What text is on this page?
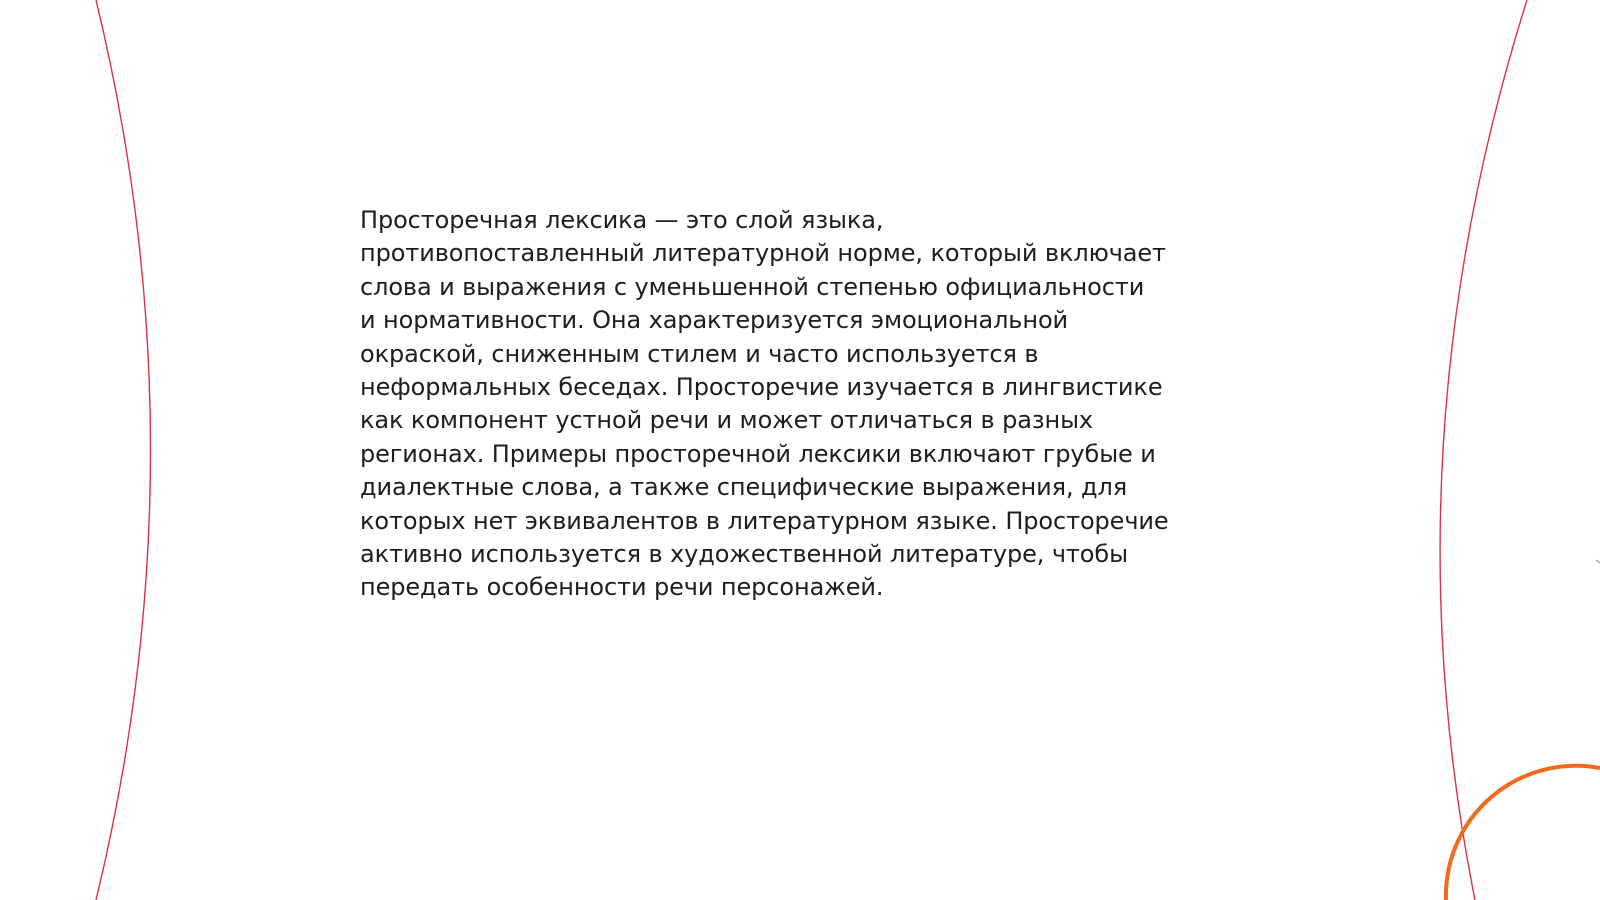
Просторечная лексика — это слой языка,
противопоставленный литературной норме, который включает
слова и выражения с уменьшенной степенью официальности
и нормативности. Она характеризуется эмоциональной
окраской, сниженным стилем и часто используется в
неформальных беседах. Просторечие изучается в лингвистике
как компонент устной речи и может отличаться в разных
регионах. Примеры просторечной лексики включают грубые и
диалектные слова, а также специфические выражения, для
которых нет эквивалентов в литературном языке. Просторечие
активно используется в художественной литературе, чтобы
передать особенности речи персонажей.
